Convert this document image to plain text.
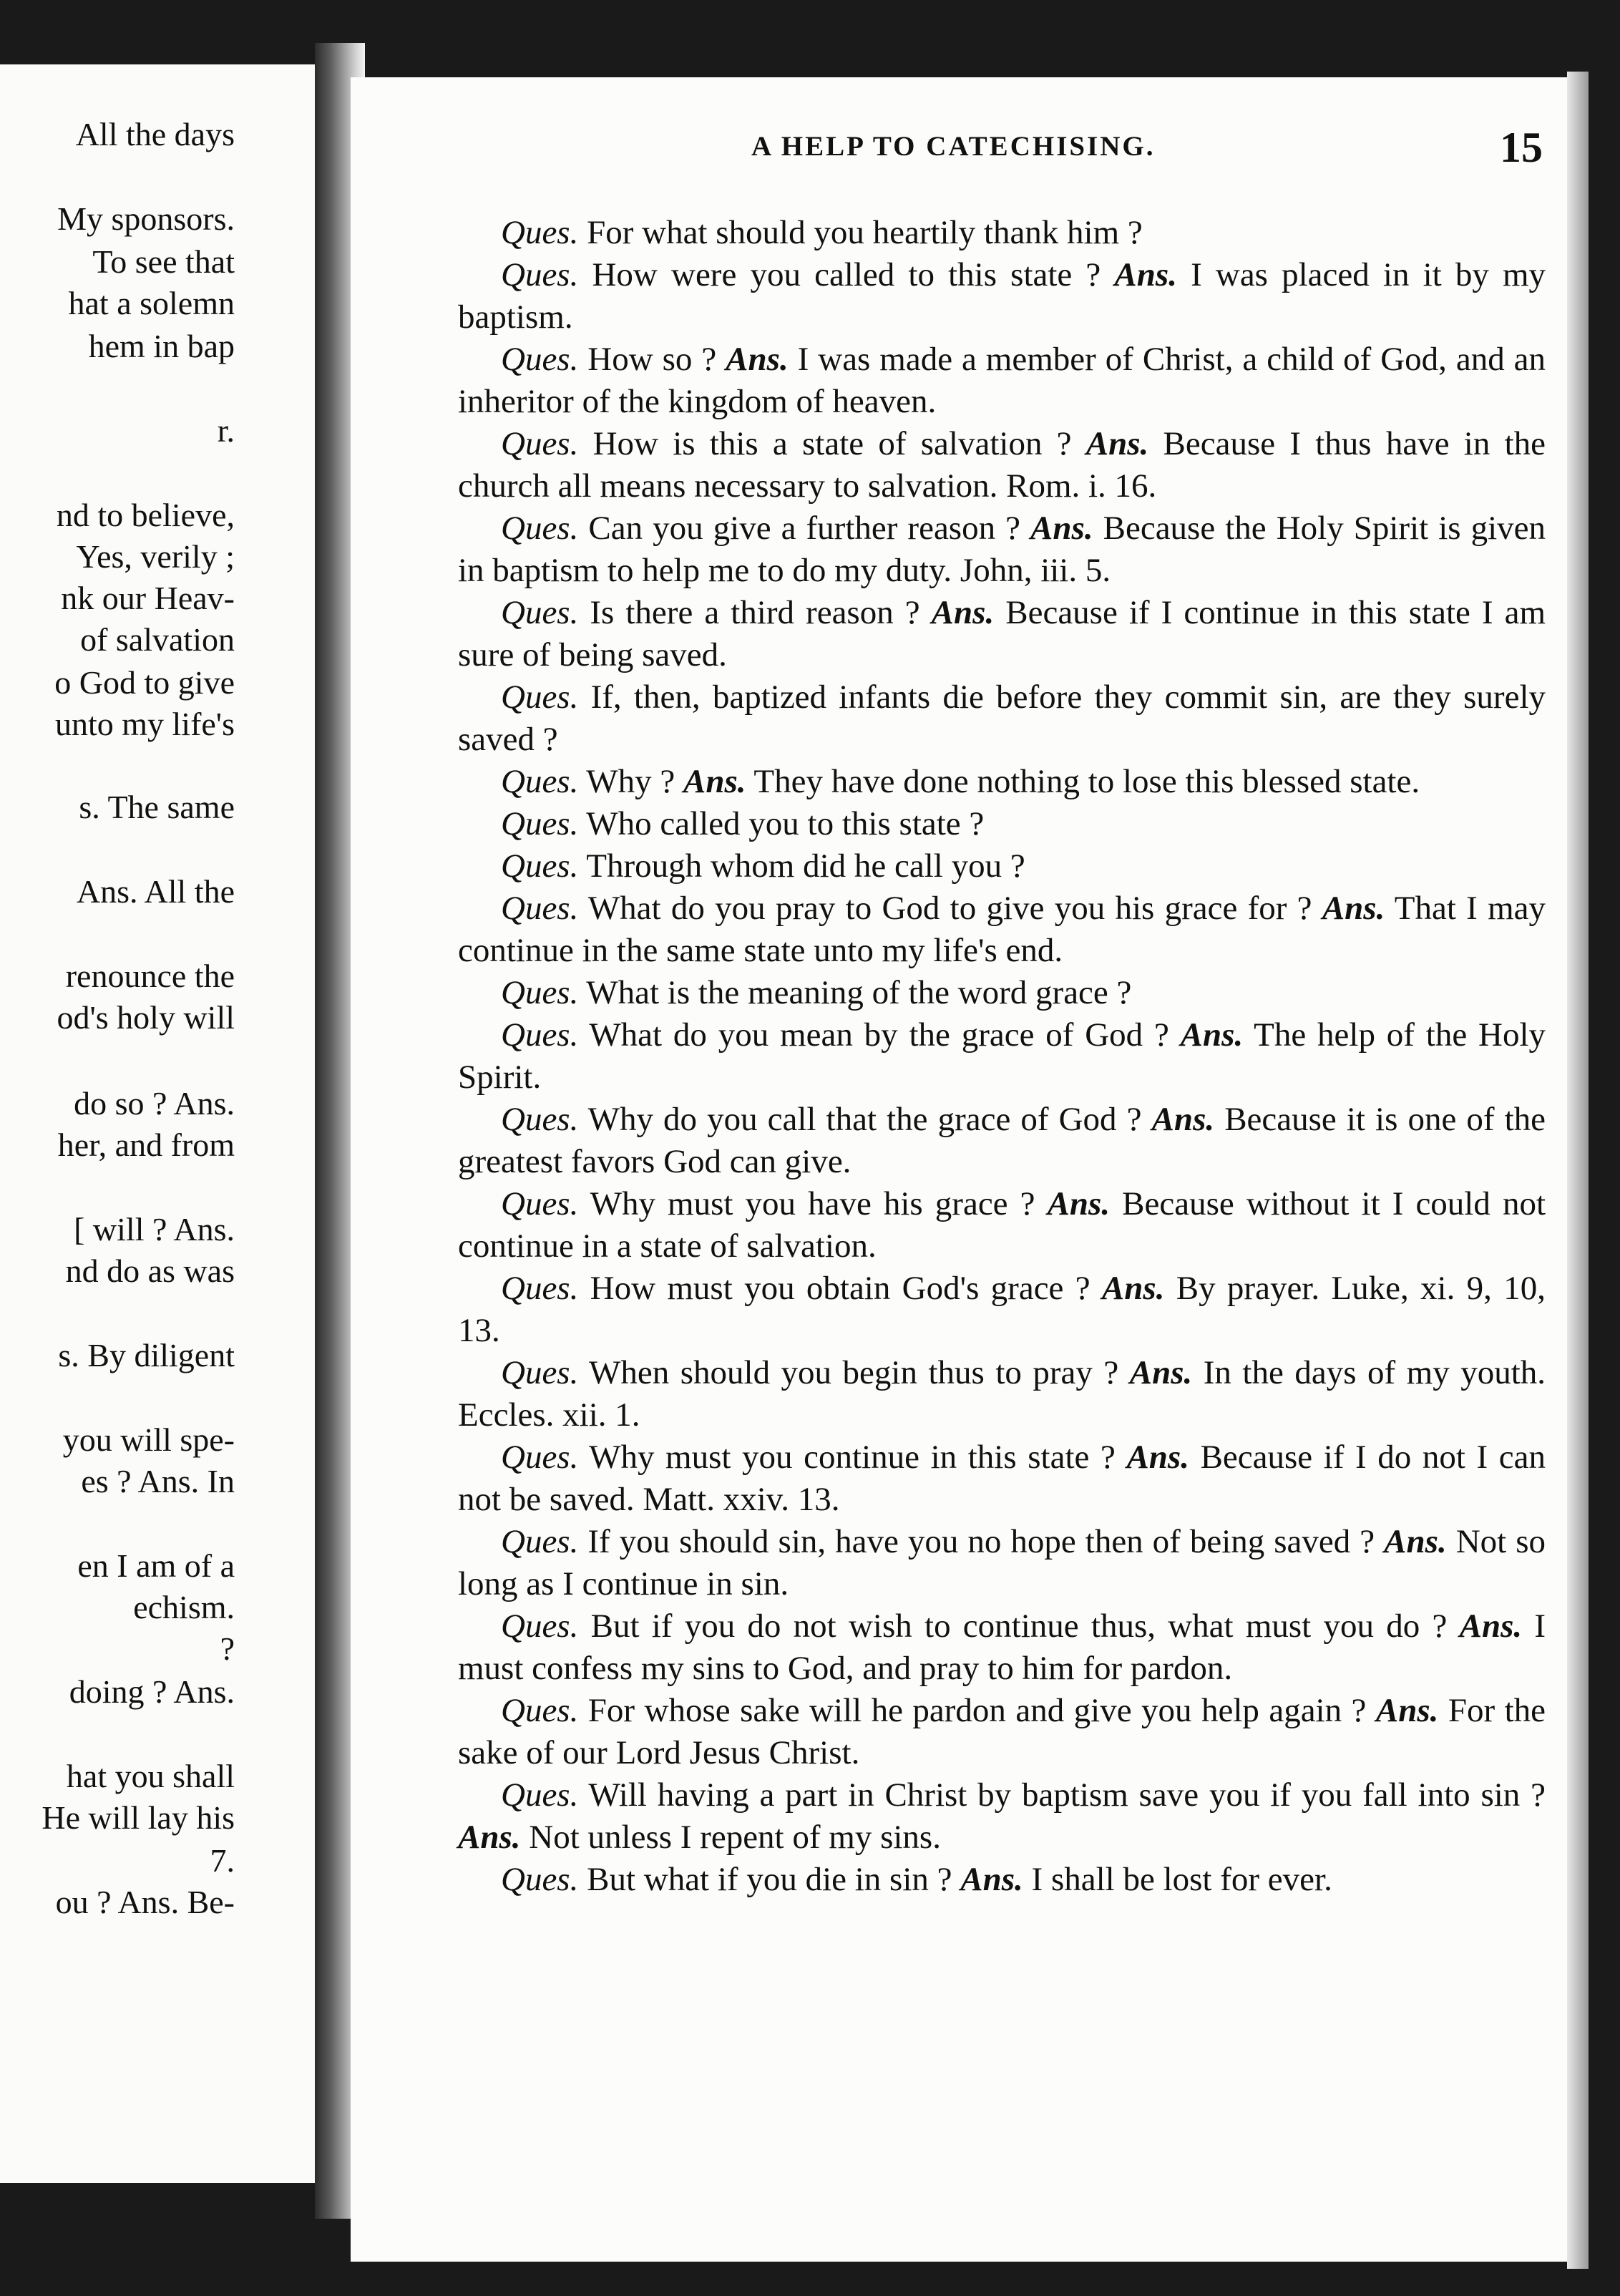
All the days
My sponsors.
To see that
hat a solemn
hem in bap
r.
nd to believe,
Yes, verily ;
nk our Heav-
of salvation
o God to give
unto my life's
s. The same
Ans. All the
renounce the
od's holy will
do so ? Ans.
her, and from
[ will ? Ans.
nd do as was
s. By diligent
you will spe-
es ? Ans. In
en I am of a
echism.
?
doing ? Ans.
hat you shall
He will lay his
7.
ou ? Ans. Be-
A HELP TO CATECHISING.	15

Ques. For what should you heartily thank him ?

Ques. How were you called to this state ? Ans. I was placed in it by my baptism.

Ques. How so ? Ans. I was made a member of Christ, a child of God, and an inheritor of the kingdom of heaven.

Ques. How is this a state of salvation ? Ans. Because I thus have in the church all means necessary to salvation. Rom. i. 16.

Ques. Can you give a further reason ? Ans. Because the Holy Spirit is given in baptism to help me to do my duty. John, iii. 5.

Ques. Is there a third reason ? Ans. Because if I continue in this state I am sure of being saved.

Ques. If, then, baptized infants die before they commit sin, are they surely saved ?

Ques. Why ? Ans. They have done nothing to lose this blessed state.

Ques. Who called you to this state ?

Ques. Through whom did he call you ?

Ques. What do you pray to God to give you his grace for ? Ans. That I may continue in the same state unto my life's end.

Ques. What is the meaning of the word grace ?

Ques. What do you mean by the grace of God ? Ans. The help of the Holy Spirit.

Ques. Why do you call that the grace of God ? Ans. Because it is one of the greatest favors God can give.

Ques. Why must you have his grace ? Ans. Because without it I could not continue in a state of salvation.

Ques. How must you obtain God's grace ? Ans. By prayer. Luke, xi. 9, 10, 13.

Ques. When should you begin thus to pray ? Ans. In the days of my youth. Eccles. xii. 1.

Ques. Why must you continue in this state ? Ans. Because if I do not I can not be saved. Matt. xxiv. 13.

Ques. If you should sin, have you no hope then of being saved ? Ans. Not so long as I continue in sin.

Ques. But if you do not wish to continue thus, what must you do ? Ans. I must confess my sins to God, and pray to him for pardon.

Ques. For whose sake will he pardon and give you help again ? Ans. For the sake of our Lord Jesus Christ.

Ques. Will having a part in Christ by baptism save you if you fall into sin ? Ans. Not unless I repent of my sins.

Ques. But what if you die in sin ? Ans. I shall be lost for ever.
